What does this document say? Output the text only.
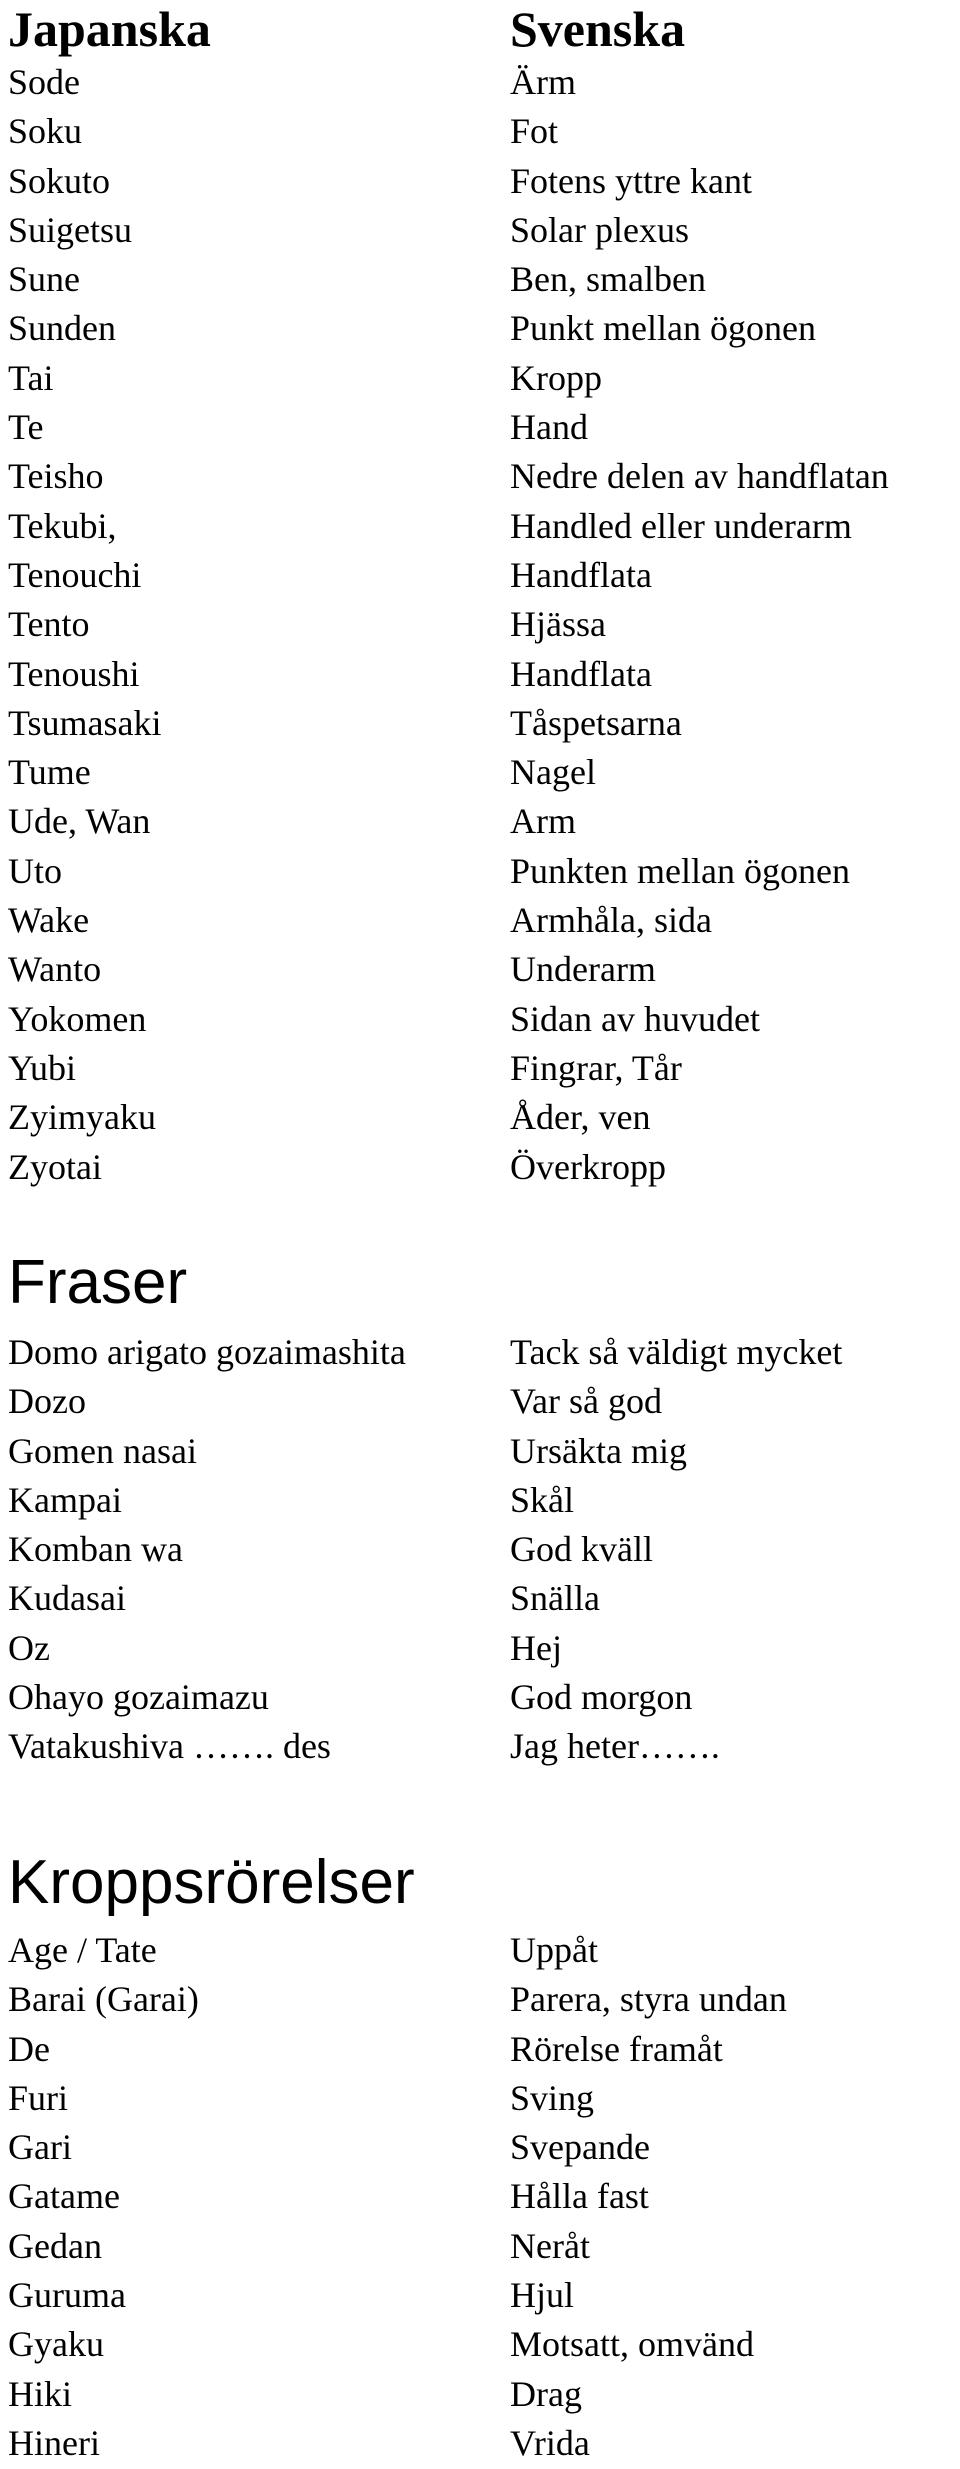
Japanska	Svenska
Sode	Ärm
Soku	Fot
Sokuto	Fotens yttre kant
Suigetsu	Solar plexus
Sune	Ben, smalben
Sunden	Punkt mellan ögonen
Tai	Kropp
Te	Hand
Teisho	Nedre delen av handflatan
Tekubi,	Handled eller underarm
Tenouchi	Handflata
Tento	Hjässa
Tenoushi	Handflata
Tsumasaki	Tåspetsarna
Tume	Nagel
Ude, Wan	Arm
Uto	Punkten mellan ögonen
Wake	Armhåla, sida
Wanto	Underarm
Yokomen	Sidan av huvudet
Yubi	Fingrar, Tår
Zyimyaku	Åder, ven
Zyotai	Överkropp
Fraser
Domo arigato gozaimashita	Tack så väldigt mycket
Dozo	Var så god
Gomen nasai	Ursäkta mig
Kampai	Skål
Komban wa	God kväll
Kudasai	Snälla
Oz	Hej
Ohayo gozaimazu	God morgon
Vatakushiva ……. des	Jag heter…….
Kroppsrörelser
Age / Tate	Uppåt
Barai (Garai)	Parera, styra undan
De	Rörelse framåt
Furi	Sving
Gari	Svepande
Gatame	Hålla fast
Gedan	Neråt
Guruma	Hjul
Gyaku	Motsatt, omvänd
Hiki	Drag
Hineri	Vrida
